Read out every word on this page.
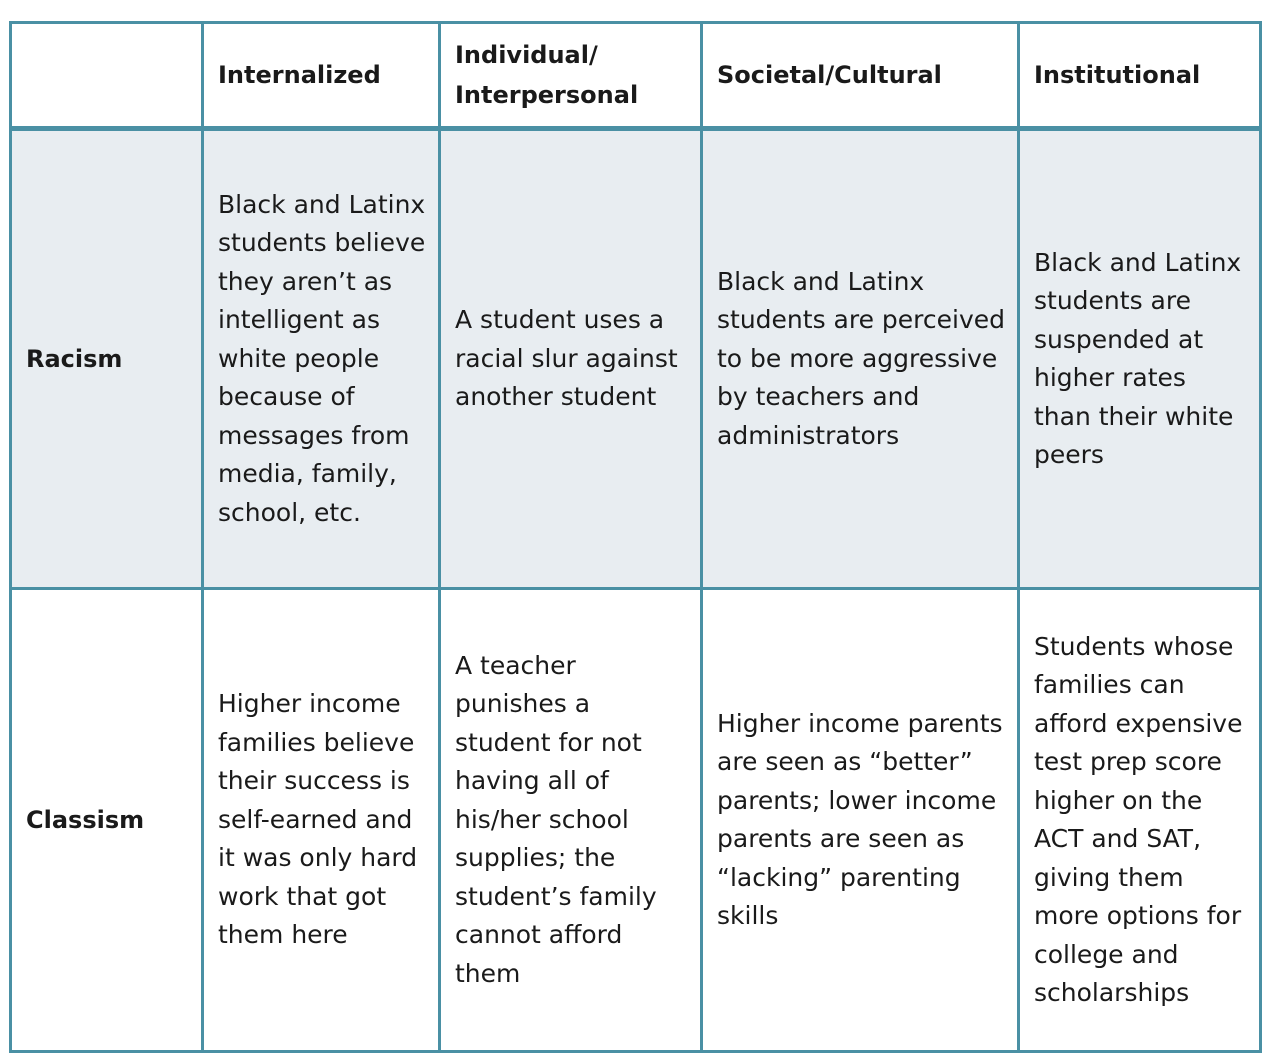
	Internalized	Individual/ Interpersonal	Societal/Cultural	Institutional
Racism	Black and Latinx students believe they aren’t as intelligent as white people because of messages from media, family, school, etc.	A student uses a racial slur against another student	Black and Latinx students are perceived to be more aggressive by teachers and administrators	Black and Latinx students are suspended at higher rates than their white peers
Classism	Higher income families believe their success is self-earned and it was only hard work that got them here	A teacher punishes a student for not having all of his/her school supplies; the student’s family cannot afford them	Higher income parents are seen as “better” parents; lower income parents are seen as “lacking” parenting skills	Students whose families can afford expensive test prep score higher on the ACT and SAT, giving them more options for college and scholarships
